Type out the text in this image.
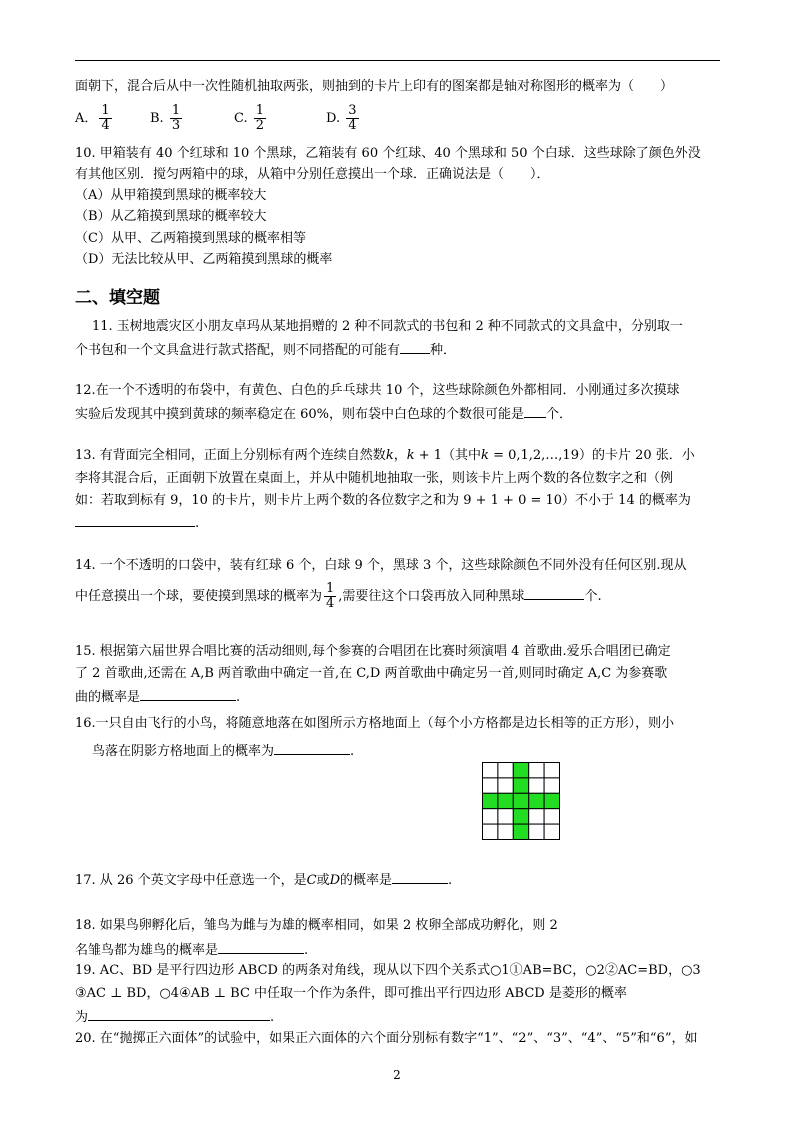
面朝下，混合后从中一次性随机抽取两张，则抽到的卡片上印有的图案都是轴对称图形的概率为（　　）
A． $\frac{1}{4}$	B. $\frac{1}{3}$	C. $\frac{1}{2}$	D. $\frac{3}{4}$
10. 甲箱装有 40 个红球和 10 个黑球，乙箱装有 60 个红球、40 个黑球和 50 个白球．这些球除了颜色外没
有其他区别．搅匀两箱中的球，从箱中分别任意摸出一个球．正确说法是（　　）．
（A）从甲箱摸到黑球的概率较大
（B）从乙箱摸到黑球的概率较大
（C）从甲、乙两箱摸到黑球的概率相等
（D）无法比较从甲、乙两箱摸到黑球的概率
二、填空题
11. 玉树地震灾区小朋友卓玛从某地捐赠的 2 种不同款式的书包和 2 种不同款式的文具盒中，分别取一
个书包和一个文具盒进行款式搭配，则不同搭配的可能有 种．
12.在一个不透明的布袋中，有黄色、白色的乒乓球共 10 个，这些球除颜色外都相同．小刚通过多次摸球
实验后发现其中摸到黄球的频率稳定在 60%，则布袋中白色球的个数很可能是 个．
13. 有背面完全相同，正面上分别标有两个连续自然数k，k + 1（其中k = 0,1,2,…,19）的卡片 20 张．小
李将其混合后，正面朝下放置在桌面上，并从中随机地抽取一张，则该卡片上两个数的各位数字之和（例
如：若取到标有 9，10 的卡片，则卡片上两个数的各位数字之和为 9 + 1 + 0 = 10）不小于 14 的概率为
.
14. 一个不透明的口袋中，装有红球 6 个，白球 9 个，黑球 3 个，这些球除颜色不同外没有任何区别.现从
中任意摸出一个球，要使摸到黑球的概率为 $\frac{1}{4}$ ,需要往这个口袋再放入同种黑球	个.
15. 根据第六届世界合唱比赛的活动细则,每个参赛的合唱团在比赛时须演唱 4 首歌曲.爱乐合唱团已确定
了 2 首歌曲,还需在 A,B 两首歌曲中确定一首,在 C,D 两首歌曲中确定另一首,则同时确定 A,C 为参赛歌
曲的概率是	.
16.一只自由飞行的小鸟，将随意地落在如图所示方格地面上（每个小方格都是边长相等的正方形），则小
鸟落在阴影方格地面上的概率为	.
17. 从 26 个英文字母中任意选一个，是C或D的概率是	.
18. 如果鸟卵孵化后，雏鸟为雌与为雄的概率相同，如果 2 枚卵全部成功孵化，则 2
名雏鸟都为雄鸟的概率是	.
19. AC、BD 是平行四边形 ABCD 的两条对角线，现从以下四个关系式○1①AB=BC，○2②AC=BD，○3
③AC ⊥ BD，○4④AB ⊥ BC 中任取一个作为条件，即可推出平行四边形 ABCD 是菱形的概率
为	.
20. 在“抛掷正六面体”的试验中，如果正六面体的六个面分别标有数字“1”、“2”、“3”、“4”、“5”和“6”，如
2
